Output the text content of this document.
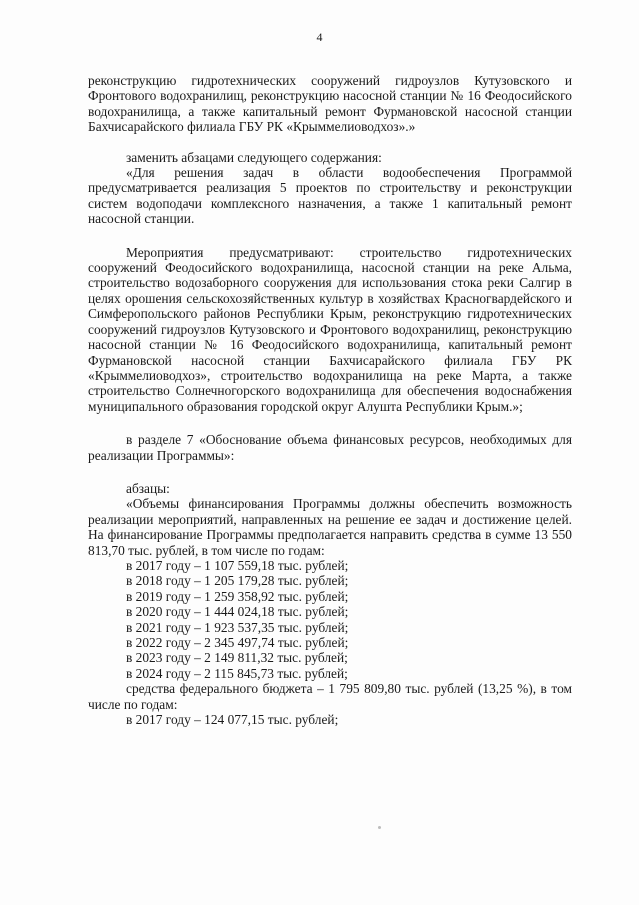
4

реконструкцию гидротехнических сооружений гидроузлов Кутузовского и Фронтового водохранилищ, реконструкцию насосной станции № 16 Феодосийского водохранилища, а также капитальный ремонт Фурмановской насосной станции Бахчисарайского филиала ГБУ РК «Крыммелиоводхоз».»

заменить абзацами следующего содержания:

«Для решения задач в области водообеспечения Программой предусматривается реализация 5 проектов по строительству и реконструкции систем водоподачи комплексного назначения, а также 1 капитальный ремонт насосной станции.

Мероприятия предусматривают: строительство гидротехнических сооружений Феодосийского водохранилища, насосной станции на реке Альма, строительство водозаборного сооружения для использования стока реки Салгир в целях орошения сельскохозяйственных культур в хозяйствах Красногвардейского и Симферопольского районов Республики Крым, реконструкцию гидротехнических сооружений гидроузлов Кутузовского и Фронтового водохранилищ, реконструкцию насосной станции № 16 Феодосийского водохранилища, капитальный ремонт Фурмановской насосной станции Бахчисарайского филиала ГБУ РК «Крыммелиоводхоз», строительство водохранилища на реке Марта, а также строительство Солнечногорского водохранилища для обеспечения водоснабжения муниципального образования городской округ Алушта Республики Крым.»;

в разделе 7 «Обоснование объема финансовых ресурсов, необходимых для реализации Программы»:

абзацы:

«Объемы финансирования Программы должны обеспечить возможность реализации мероприятий, направленных на решение ее задач и достижение целей. На финансирование Программы предполагается направить средства в сумме 13 550 813,70 тыс. рублей, в том числе по годам:

в 2017 году – 1 107 559,18 тыс. рублей;
в 2018 году – 1 205 179,28 тыс. рублей;
в 2019 году – 1 259 358,92 тыс. рублей;
в 2020 году – 1 444 024,18 тыс. рублей;
в 2021 году – 1 923 537,35 тыс. рублей;
в 2022 году – 2 345 497,74 тыс. рублей;
в 2023 году – 2 149 811,32 тыс. рублей;
в 2024 году – 2 115 845,73 тыс. рублей;

средства федерального бюджета – 1 795 809,80 тыс. рублей (13,25 %), в том числе по годам:

в 2017 году – 124 077,15 тыс. рублей;
